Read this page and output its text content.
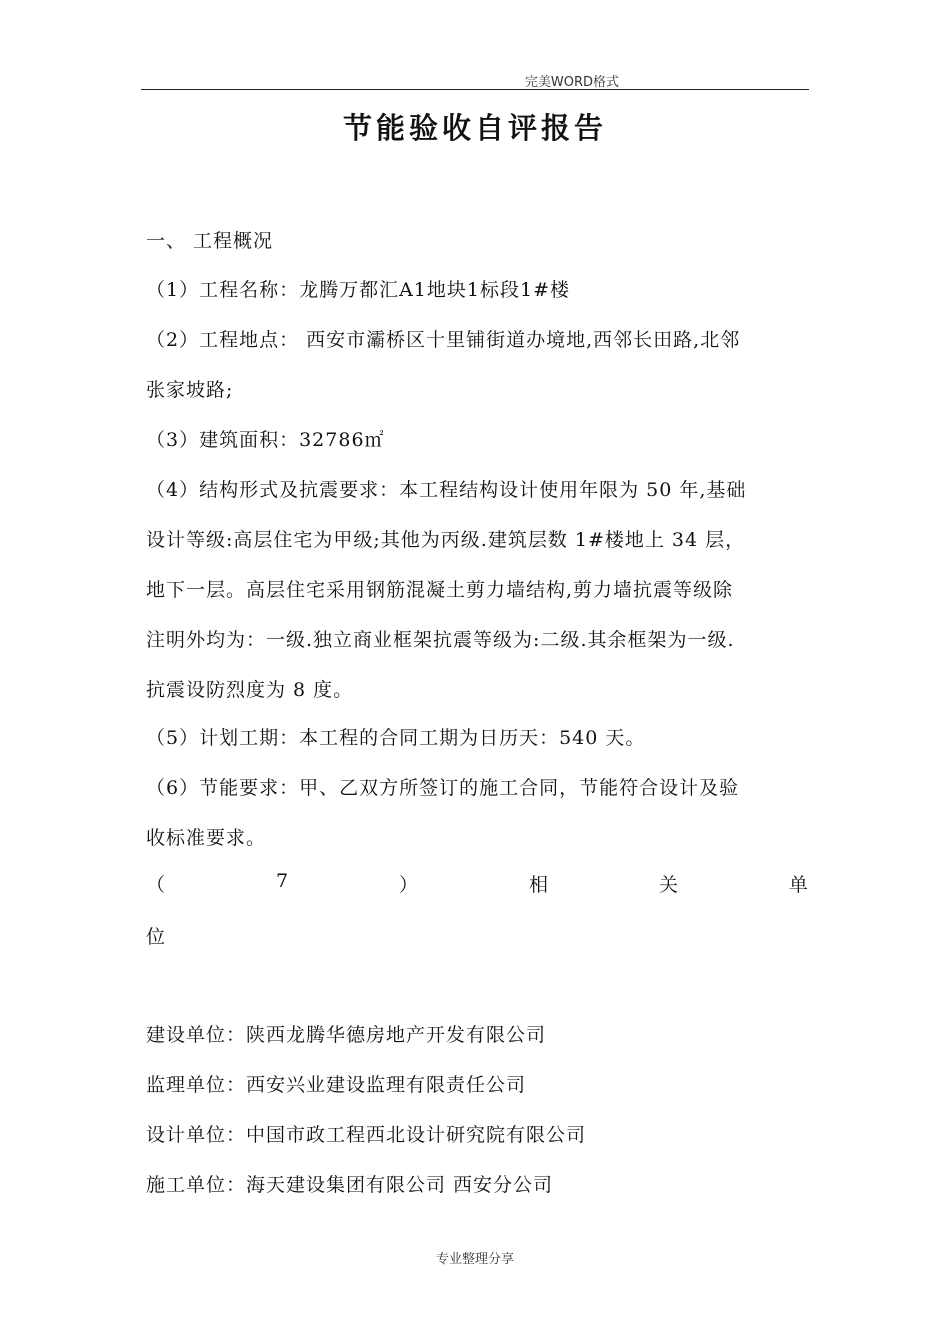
完美WORD格式
节能验收自评报告
一、 工程概况
（1）工程名称：龙腾万都汇A1地块1标段1#楼
（2）工程地点： 西安市灞桥区十里铺街道办境地,西邻长田路,北邻
张家坡路;
（3）建筑面积：32786㎡
（4）结构形式及抗震要求：本工程结构设计使用年限为 50 年,基础
设计等级:高层住宅为甲级;其他为丙级.建筑层数 1#楼地上 34 层，
地下一层。高层住宅采用钢筋混凝土剪力墙结构,剪力墙抗震等级除
注明外均为：一级.独立商业框架抗震等级为:二级.其余框架为一级.
抗震设防烈度为 8 度。
（5）计划工期：本工程的合同工期为日历天：540 天。
（6）节能要求：甲、乙双方所签订的施工合同，节能符合设计及验
收标准要求。
（	7	）	相	关	单
位
建设单位：陕西龙腾华德房地产开发有限公司
监理单位：西安兴业建设监理有限责任公司
设计单位：中国市政工程西北设计研究院有限公司
施工单位：海天建设集团有限公司 西安分公司
专业整理分享
